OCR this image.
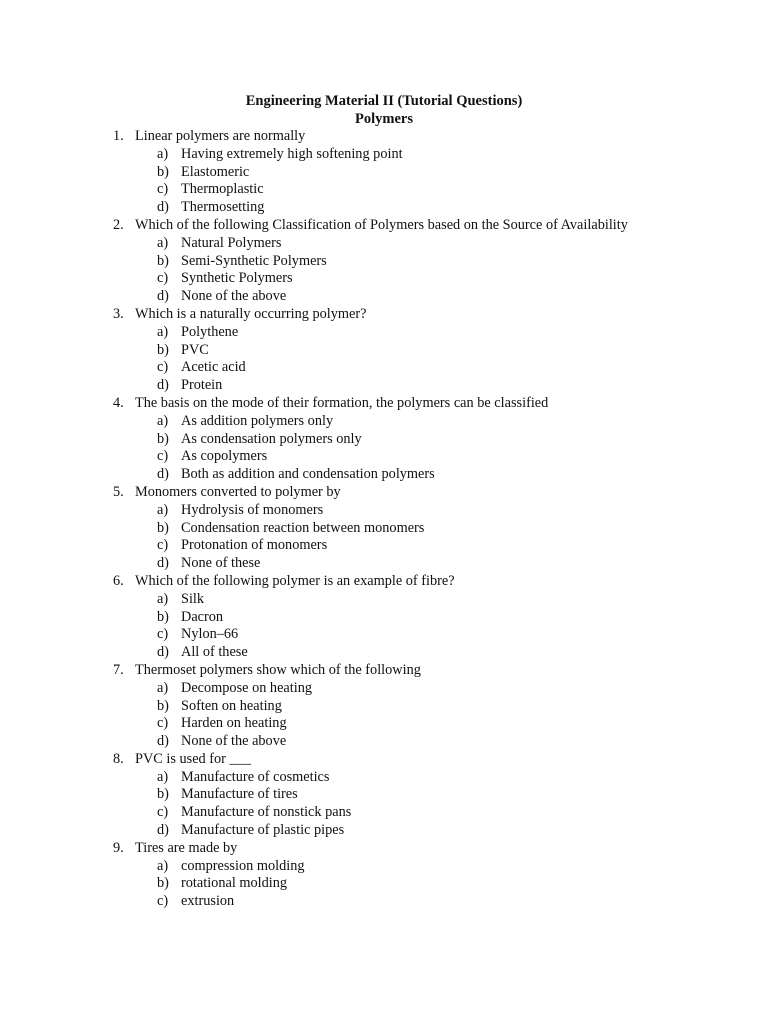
Engineering Material II (Tutorial Questions)
Polymers
1. Linear polymers are normally
a) Having extremely high softening point
b) Elastomeric
c) Thermoplastic
d) Thermosetting
2. Which of the following Classification of Polymers based on the Source of Availability
a) Natural Polymers
b) Semi-Synthetic Polymers
c) Synthetic Polymers
d) None of the above
3. Which is a naturally occurring polymer?
a) Polythene
b) PVC
c) Acetic acid
d) Protein
4. The basis on the mode of their formation, the polymers can be classified
a) As addition polymers only
b) As condensation polymers only
c) As copolymers
d) Both as addition and condensation polymers
5. Monomers converted to polymer by
a) Hydrolysis of monomers
b) Condensation reaction between monomers
c) Protonation of monomers
d) None of these
6. Which of the following polymer is an example of fibre?
a) Silk
b) Dacron
c) Nylon–66
d) All of these
7. Thermoset polymers show which of the following
a) Decompose on heating
b) Soften on heating
c) Harden on heating
d) None of the above
8. PVC is used for ___
a) Manufacture of cosmetics
b) Manufacture of tires
c) Manufacture of nonstick pans
d) Manufacture of plastic pipes
9. Tires are made by
a) compression molding
b) rotational molding
c) extrusion
